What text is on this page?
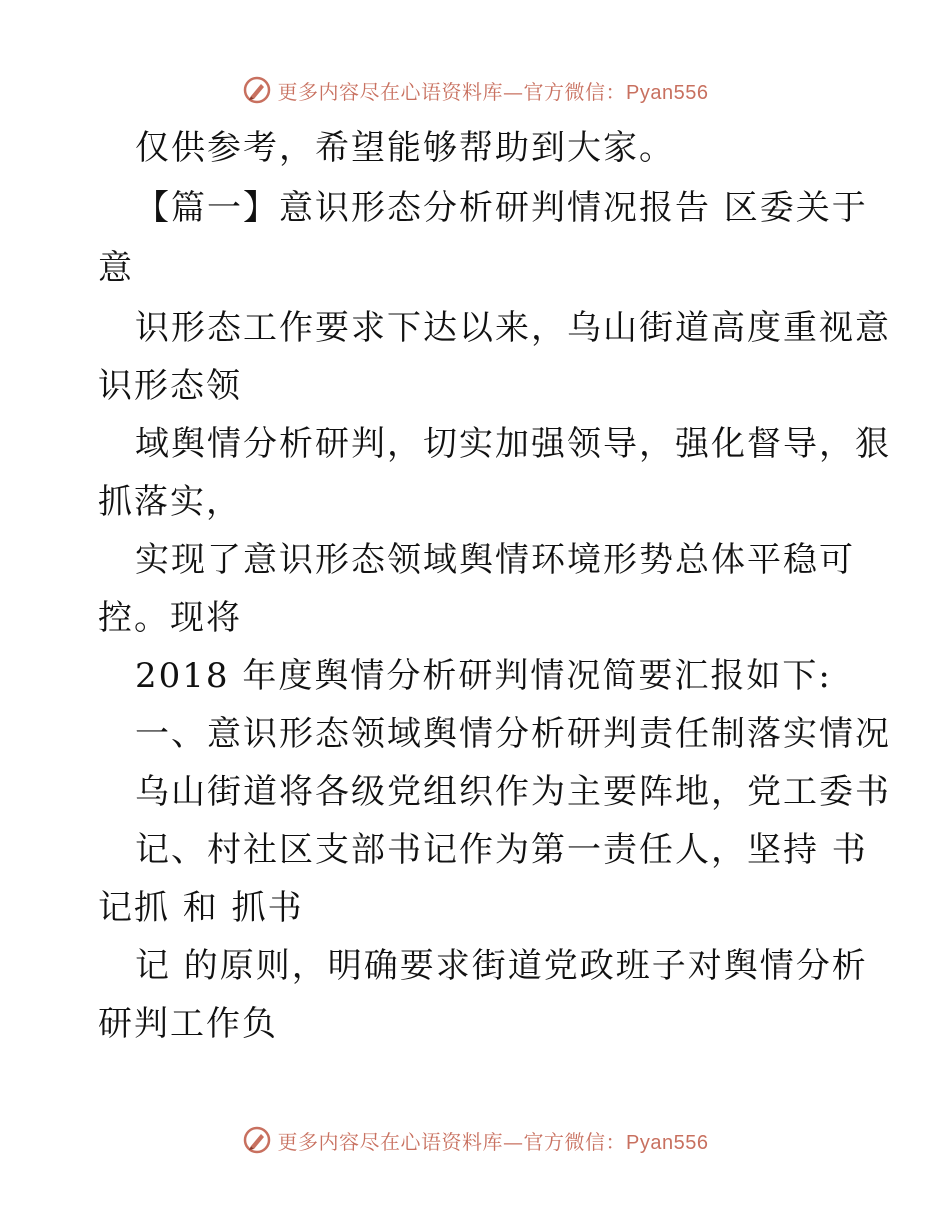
更多内容尽在心语资料库—官方微信：Pyan556
仅供参考，希望能够帮助到大家。
【篇一】意识形态分析研判情况报告 区委关于
意
识形态工作要求下达以来，乌山街道高度重视意
识形态领
域舆情分析研判，切实加强领导，强化督导，狠
抓落实，
实现了意识形态领域舆情环境形势总体平稳可
控。现将
2018 年度舆情分析研判情况简要汇报如下:
一、意识形态领域舆情分析研判责任制落实情况
乌山街道将各级党组织作为主要阵地，党工委书
记、村社区支部书记作为第一责任人，坚持 书
记抓 和 抓书
记 的原则，明确要求街道党政班子对舆情分析
研判工作负
更多内容尽在心语资料库—官方微信：Pyan556
